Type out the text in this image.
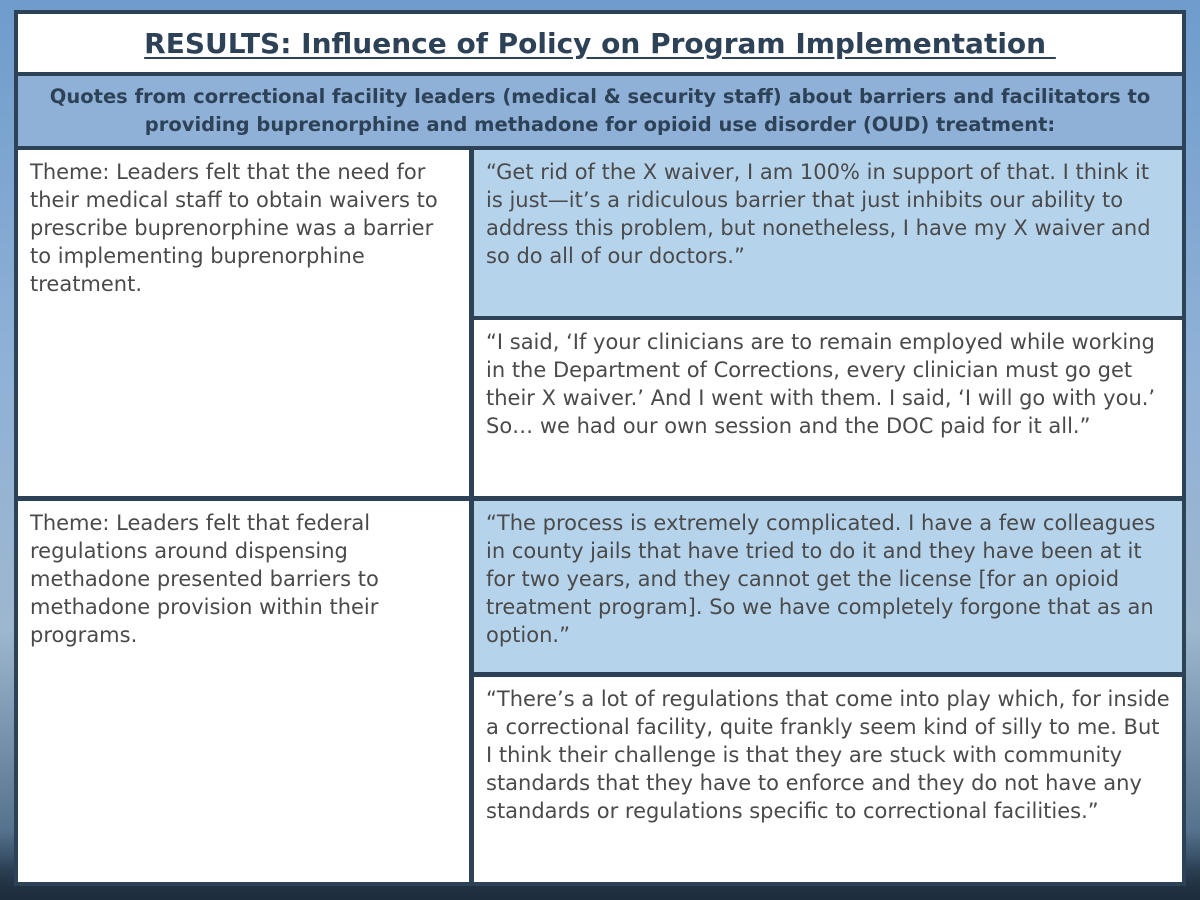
RESULTS: Influence of Policy on Program Implementation
Quotes from correctional facility leaders (medical & security staff) about barriers and facilitators to providing buprenorphine and methadone for opioid use disorder (OUD) treatment:
Theme: Leaders felt that the need for their medical staff to obtain waivers to prescribe buprenorphine was a barrier to implementing buprenorphine treatment.
“Get rid of the X waiver, I am 100% in support of that. I think it is just—it’s a ridiculous barrier that just inhibits our ability to address this problem, but nonetheless, I have my X waiver and so do all of our doctors.”
“I said, ‘If your clinicians are to remain employed while working in the Department of Corrections, every clinician must go get their X waiver.’ And I went with them. I said, ‘I will go with you.’ So… we had our own session and the DOC paid for it all.”
Theme: Leaders felt that federal regulations around dispensing methadone presented barriers to methadone provision within their programs.
“The process is extremely complicated. I have a few colleagues in county jails that have tried to do it and they have been at it for two years, and they cannot get the license [for an opioid treatment program]. So we have completely forgone that as an option.”
“There’s a lot of regulations that come into play which, for inside a correctional facility, quite frankly seem kind of silly to me. But I think their challenge is that they are stuck with community standards that they have to enforce and they do not have any standards or regulations specific to correctional facilities.”
